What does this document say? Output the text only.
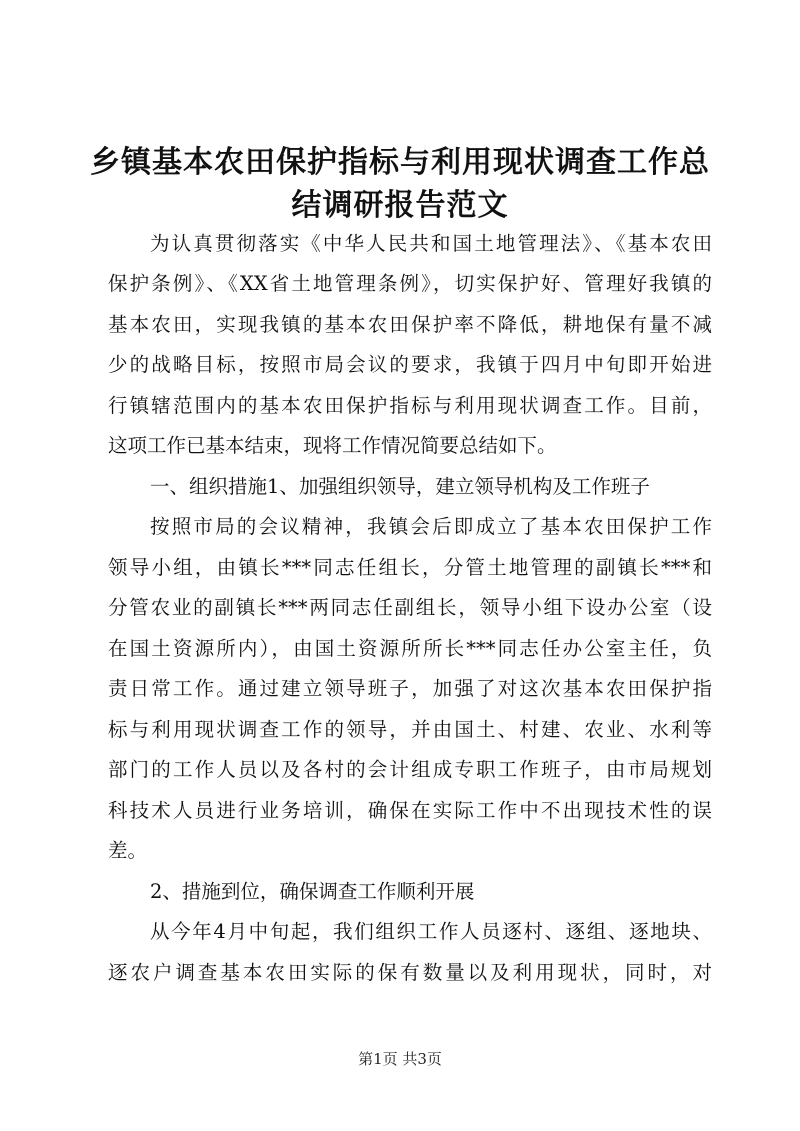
乡镇基本农田保护指标与利用现状调查工作总
结调研报告范文
为认真贯彻落实《中华人民共和国土地管理法》、《基本农田
保护条例》、《XX省土地管理条例》，切实保护好、管理好我镇的
基本农田，实现我镇的基本农田保护率不降低，耕地保有量不减
少的战略目标，按照市局会议的要求，我镇于四月中旬即开始进
行镇辖范围内的基本农田保护指标与利用现状调查工作。目前，
这项工作已基本结束，现将工作情况简要总结如下。
一、组织措施1、加强组织领导，建立领导机构及工作班子
按照市局的会议精神，我镇会后即成立了基本农田保护工作
领导小组，由镇长***同志任组长，分管土地管理的副镇长***和
分管农业的副镇长***两同志任副组长，领导小组下设办公室（设
在国土资源所内），由国土资源所所长***同志任办公室主任，负
责日常工作。通过建立领导班子，加强了对这次基本农田保护指
标与利用现状调查工作的领导，并由国土、村建、农业、水利等
部门的工作人员以及各村的会计组成专职工作班子，由市局规划
科技术人员进行业务培训，确保在实际工作中不出现技术性的误
差。
2、措施到位，确保调查工作顺利开展
从今年4月中旬起，我们组织工作人员逐村、逐组、逐地块、
逐农户调查基本农田实际的保有数量以及利用现状，同时，对
第1页 共3页
